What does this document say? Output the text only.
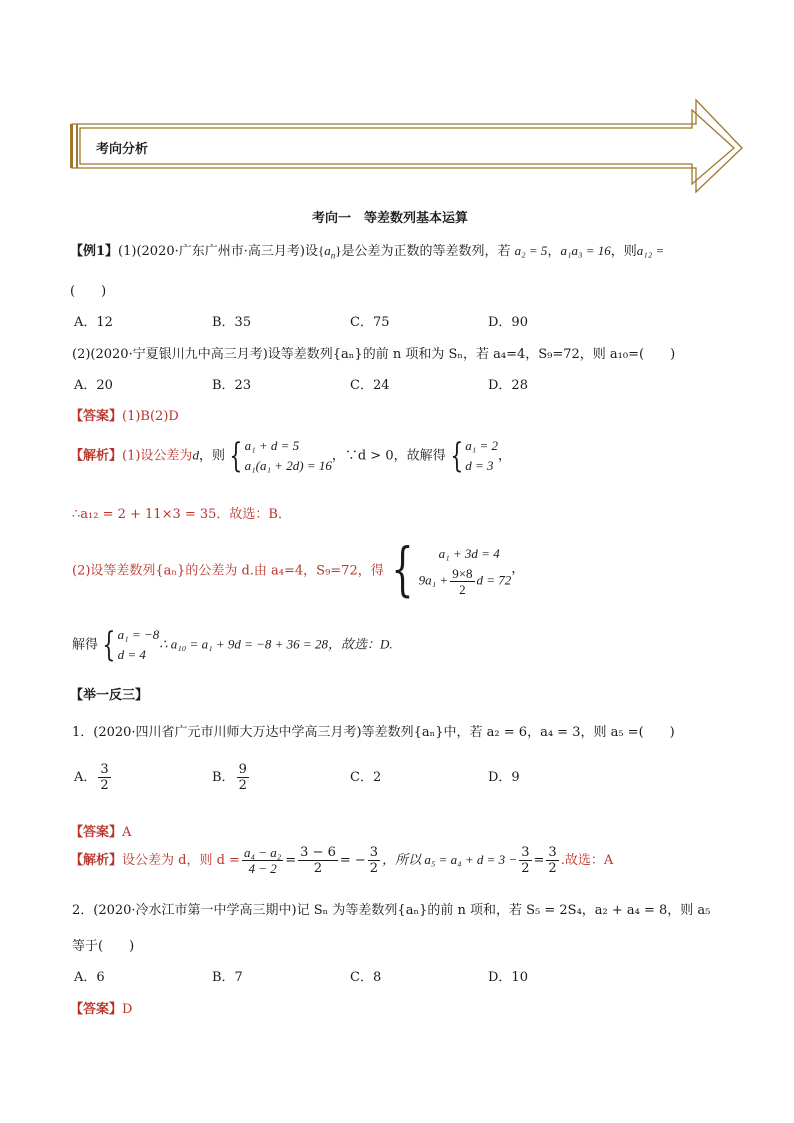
考向分析
考向一　等差数列基本运算
【例1】(1)(2020·广东广州市·高三月考)设$\{a_n\}$是公差为正数的等差数列，若 a₂ = 5，a₁a₃ = 16，则a₁₂ =
(　　)
A．12	B．35	C．75	D．90
(2)(2020·宁夏银川九中高三月考)设等差数列{aₙ}的前 n 项和为 Sₙ，若 a₄=4，S₉=72，则 a₁₀=(　　)
A．20	B．23	C．24	D．28
【答案】(1)B(2)D
【解析】(1)设公差为d，则 { a₁ + d = 5
a₁(a₁ + 2d) = 16
，∵d > 0，故解得 { a₁ = 2
d = 3
，
∴a₁₂ = 2 + 11×3 = 35．故选：B．
(2)设等差数列{aₙ}的公差为 d.由 a₄=4，S₉=72，得 {	a₁ + 3d = 4
$9a_1 + \frac{9\times 8}{2}$ d = 72
，
解得 { a₁ = −8
d = 4
∴ a₁₀ = a₁ + 9d = −8 + 36 = 28，故选：D.
【举一反三】
1．(2020·四川省广元市川师大万达中学高三月考)等差数列{aₙ}中，若 a₂ = 6，a₄ = 3，则 a₅ =(　　)
A． $\frac{3}{2}$	B． $\frac{9}{2}$	C．2	D．9
【答案】A
【解析】设公差为 d，则 $d = \frac{\text{a₄ − a₂}}{4 - 2} = \frac{3 - 6}{2}$ = − $\frac{3}{2}$ ，所以 $a_5 = a_4 + d = 3 - \frac{3}{2} = \frac{3}{2}$ .故选：A
2．(2020·冷水江市第一中学高三期中)记 Sₙ 为等差数列{aₙ}的前 n 项和，若 S₅ = 2S₄，a₂ + a₄ = 8，则 a₅
等于(　　)
A．6	B．7	C．8	D．10
【答案】D
